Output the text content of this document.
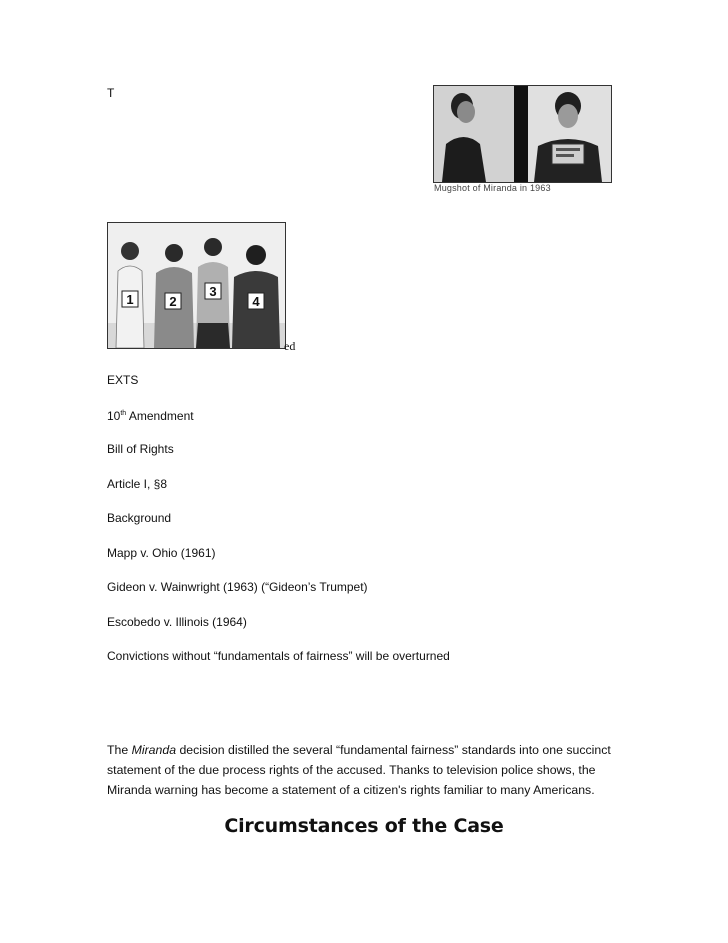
T
Mugshot of Miranda in 1963
1	2
3
4
ed
EXTS
10th Amendment
Bill of Rights
Article I, §8
Background
Mapp v. Ohio (1961)
Gideon v. Wainwright (1963) (“Gideon’s Trumpet)
Escobedo v. Illinois (1964)
Convictions without “fundamentals of fairness” will be overturned
The Miranda decision distilled the several “fundamental fairness” standards into one succinct
statement of the due process rights of the accused. Thanks to television police shows, the
Miranda warning has become a statement of a citizen's rights familiar to many Americans.
Circumstances of the Case
